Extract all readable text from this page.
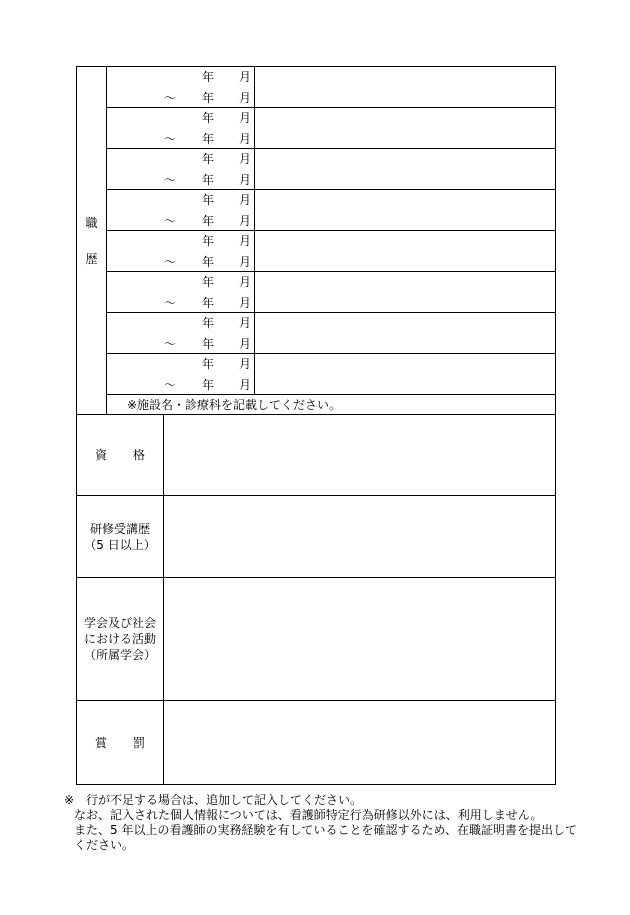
職
歴	年 月
～ 年 月		

	年 月
～ 年 月		

	年 月
～ 年 月		

	年 月
～ 年 月		

	年 月
～ 年 月		

	年 月
～ 年 月		

	年 月
～ 年 月		

	年 月
～ 年 月		

	※施設名・診療科を記載してください。		

資 格			

研修受講歴
（5 日以上）			

学会及び社会
における活動
（所属学会）			

賞 罰			

※ 行が不足する場合は、追加して記入してください。
なお、記入された個人情報については、看護師特定行為研修以外には、利用しません。
また、5 年以上の看護師の実務経験を有していることを確認するため、在職証明書を提出して
ください。
